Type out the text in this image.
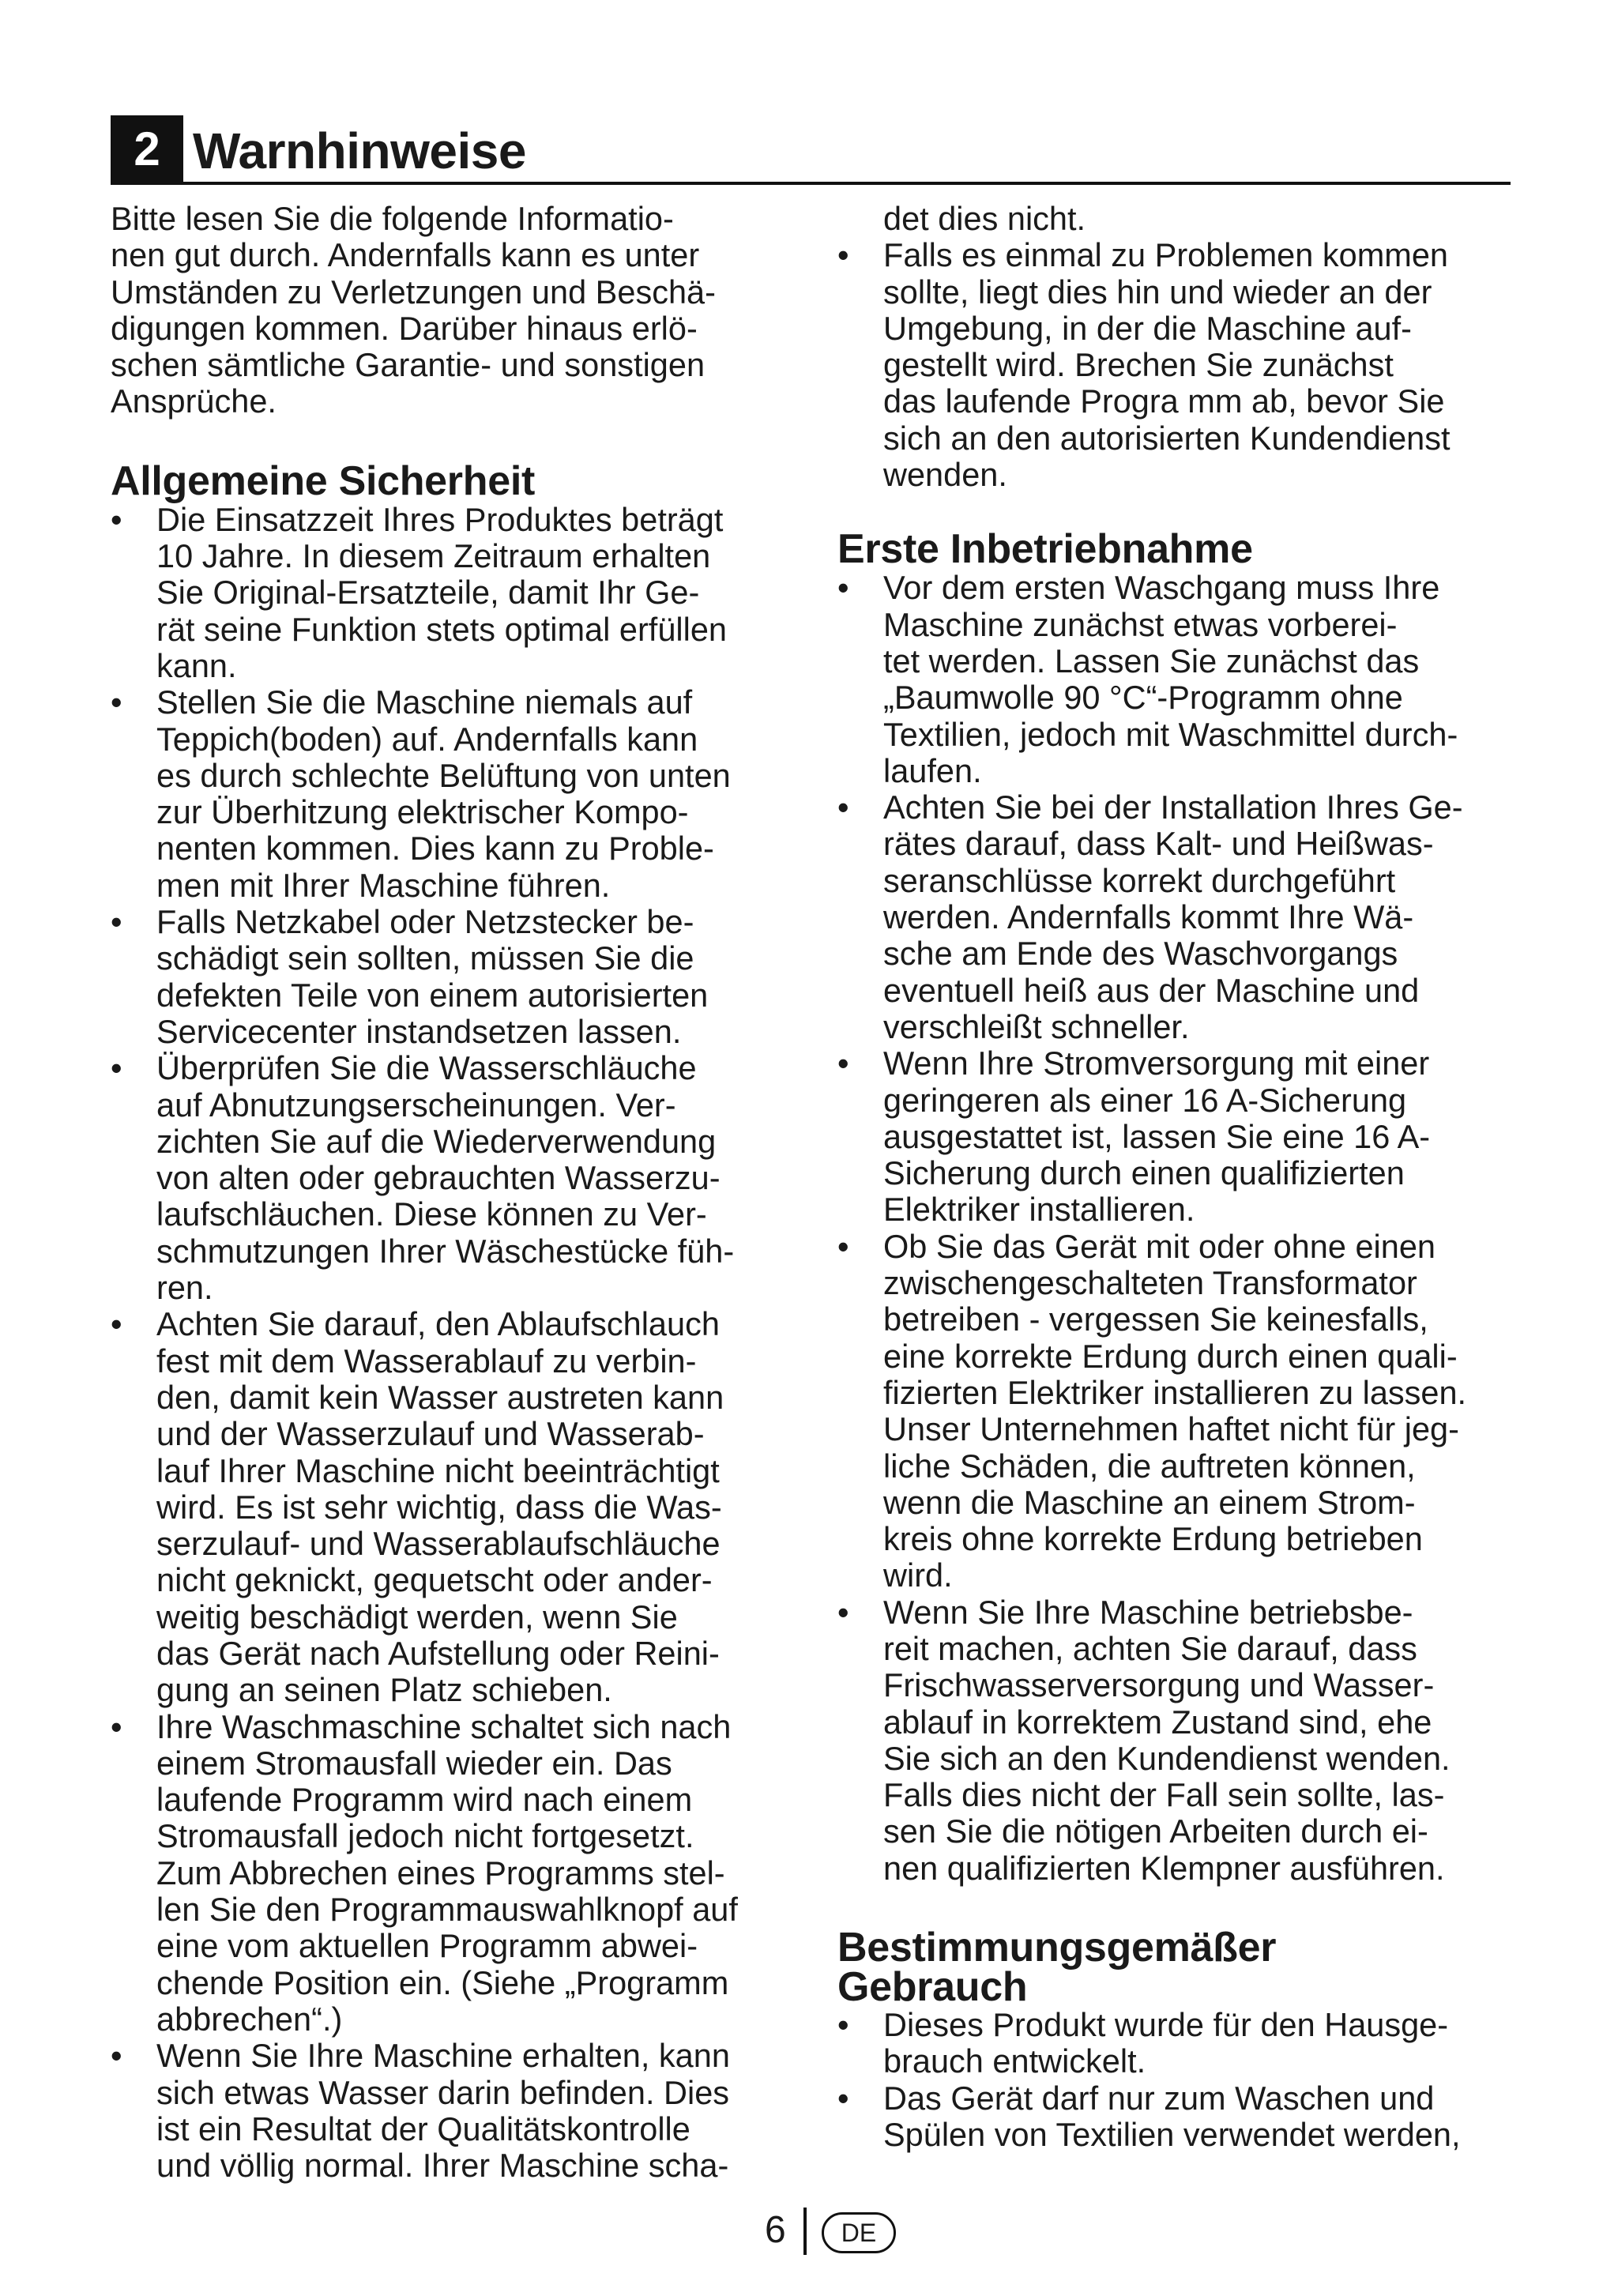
2 Warnhinweise

Bitte lesen Sie die folgende Informatio-
nen gut durch. Andernfalls kann es unter
Umständen zu Verletzungen und Beschä-
digungen kommen. Darüber hinaus erlö-
schen sämtliche Garantie- und sonstigen
Ansprüche.

Allgemeine Sicherheit
• Die Einsatzzeit Ihres Produktes beträgt
10 Jahre. In diesem Zeitraum erhalten
Sie Original-Ersatzteile, damit Ihr Ge-
rät seine Funktion stets optimal erfüllen
kann.
• Stellen Sie die Maschine niemals auf
Teppich(boden) auf. Andernfalls kann
es durch schlechte Belüftung von unten
zur Überhitzung elektrischer Kompo-
nenten kommen. Dies kann zu Proble-
men mit Ihrer Maschine führen.
• Falls Netzkabel oder Netzstecker be-
schädigt sein sollten, müssen Sie die
defekten Teile von einem autorisierten
Servicecenter instandsetzen lassen.
• Überprüfen Sie die Wasserschläuche
auf Abnutzungserscheinungen. Ver-
zichten Sie auf die Wiederverwendung
von alten oder gebrauchten Wasserzu-
laufschläuchen. Diese können zu Ver-
schmutzungen Ihrer Wäschestücke füh-
ren.
• Achten Sie darauf, den Ablaufschlauch
fest mit dem Wasserablauf zu verbin-
den, damit kein Wasser austreten kann
und der Wasserzulauf und Wasserab-
lauf Ihrer Maschine nicht beeinträchtigt
wird. Es ist sehr wichtig, dass die Was-
serzulauf- und Wasserablaufschläuche
nicht geknickt, gequetscht oder ander-
weitig beschädigt werden, wenn Sie
das Gerät nach Aufstellung oder Reini-
gung an seinen Platz schieben.
• Ihre Waschmaschine schaltet sich nach
einem Stromausfall wieder ein. Das
laufende Programm wird nach einem
Stromausfall jedoch nicht fortgesetzt.
Zum Abbrechen eines Programms stel-
len Sie den Programmauswahlknopf auf
eine vom aktuellen Programm abwei-
chende Position ein. (Siehe „Programm
abbrechen“.)
• Wenn Sie Ihre Maschine erhalten, kann
sich etwas Wasser darin befinden. Dies
ist ein Resultat der Qualitätskontrolle
und völlig normal. Ihrer Maschine scha-

det dies nicht.

• Falls es einmal zu Problemen kommen
sollte, liegt dies hin und wieder an der
Umgebung, in der die Maschine auf-
gestellt wird. Brechen Sie zunächst
das laufende Progra mm ab, bevor Sie
sich an den autorisierten Kundendienst
wenden.
Erste Inbetriebnahme
• Vor dem ersten Waschgang muss Ihre
Maschine zunächst etwas vorberei-
tet werden. Lassen Sie zunächst das
„Baumwolle 90 °C“-Programm ohne
Textilien, jedoch mit Waschmittel durch-
laufen.
• Achten Sie bei der Installation Ihres Ge-
rätes darauf, dass Kalt- und Heißwas-
seranschlüsse korrekt durchgeführt
werden. Andernfalls kommt Ihre Wä-
sche am Ende des Waschvorgangs
eventuell heiß aus der Maschine und
verschleißt schneller.
• Wenn Ihre Stromversorgung mit einer
geringeren als einer 16 A-Sicherung
ausgestattet ist, lassen Sie eine 16 A-
Sicherung durch einen qualifizierten
Elektriker installieren.
• Ob Sie das Gerät mit oder ohne einen
zwischengeschalteten Transformator
betreiben - vergessen Sie keinesfalls,
eine korrekte Erdung durch einen quali-
fizierten Elektriker installieren zu lassen.
Unser Unternehmen haftet nicht für jeg-
liche Schäden, die auftreten können,
wenn die Maschine an einem Strom-
kreis ohne korrekte Erdung betrieben
wird.
• Wenn Sie Ihre Maschine betriebsbe-
reit machen, achten Sie darauf, dass
Frischwasserversorgung und Wasser-
ablauf in korrektem Zustand sind, ehe
Sie sich an den Kundendienst wenden.
Falls dies nicht der Fall sein sollte, las-
sen Sie die nötigen Arbeiten durch ei-
nen qualifizierten Klempner ausführen.
Bestimmungsgemäßer
Gebrauch
• Dieses Produkt wurde für den Hausge-
brauch entwickelt.
• Das Gerät darf nur zum Waschen und
Spülen von Textilien verwendet werden,
6	DE
